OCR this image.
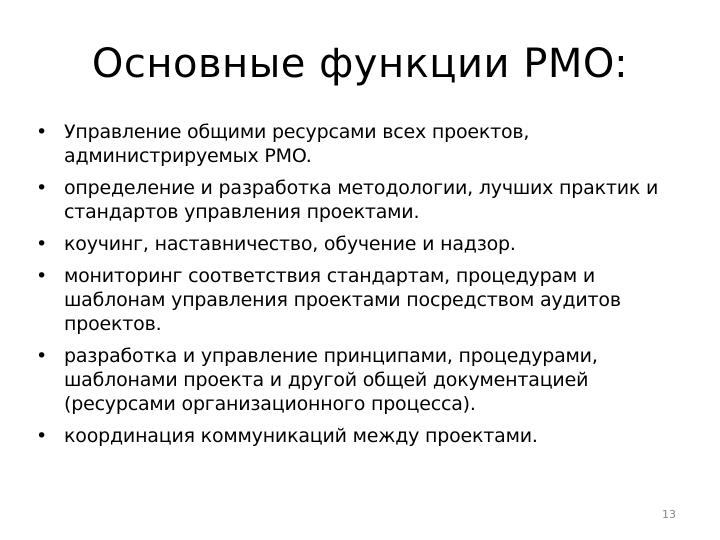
Основные функции PMO:
• Управление общими ресурсами всех проектов, администрируемых PMO.
• определение и разработка методологии, лучших практик и стандартов управления проектами.
• коучинг, наставничество, обучение и надзор.
• мониторинг соответствия стандартам, процедурам и шаблонам управления проектами посредством аудитов проектов.
• разработка и управление принципами, процедурами, шаблонами проекта и другой общей документацией (ресурсами организационного процесса).
• координация коммуникаций между проектами.
13
